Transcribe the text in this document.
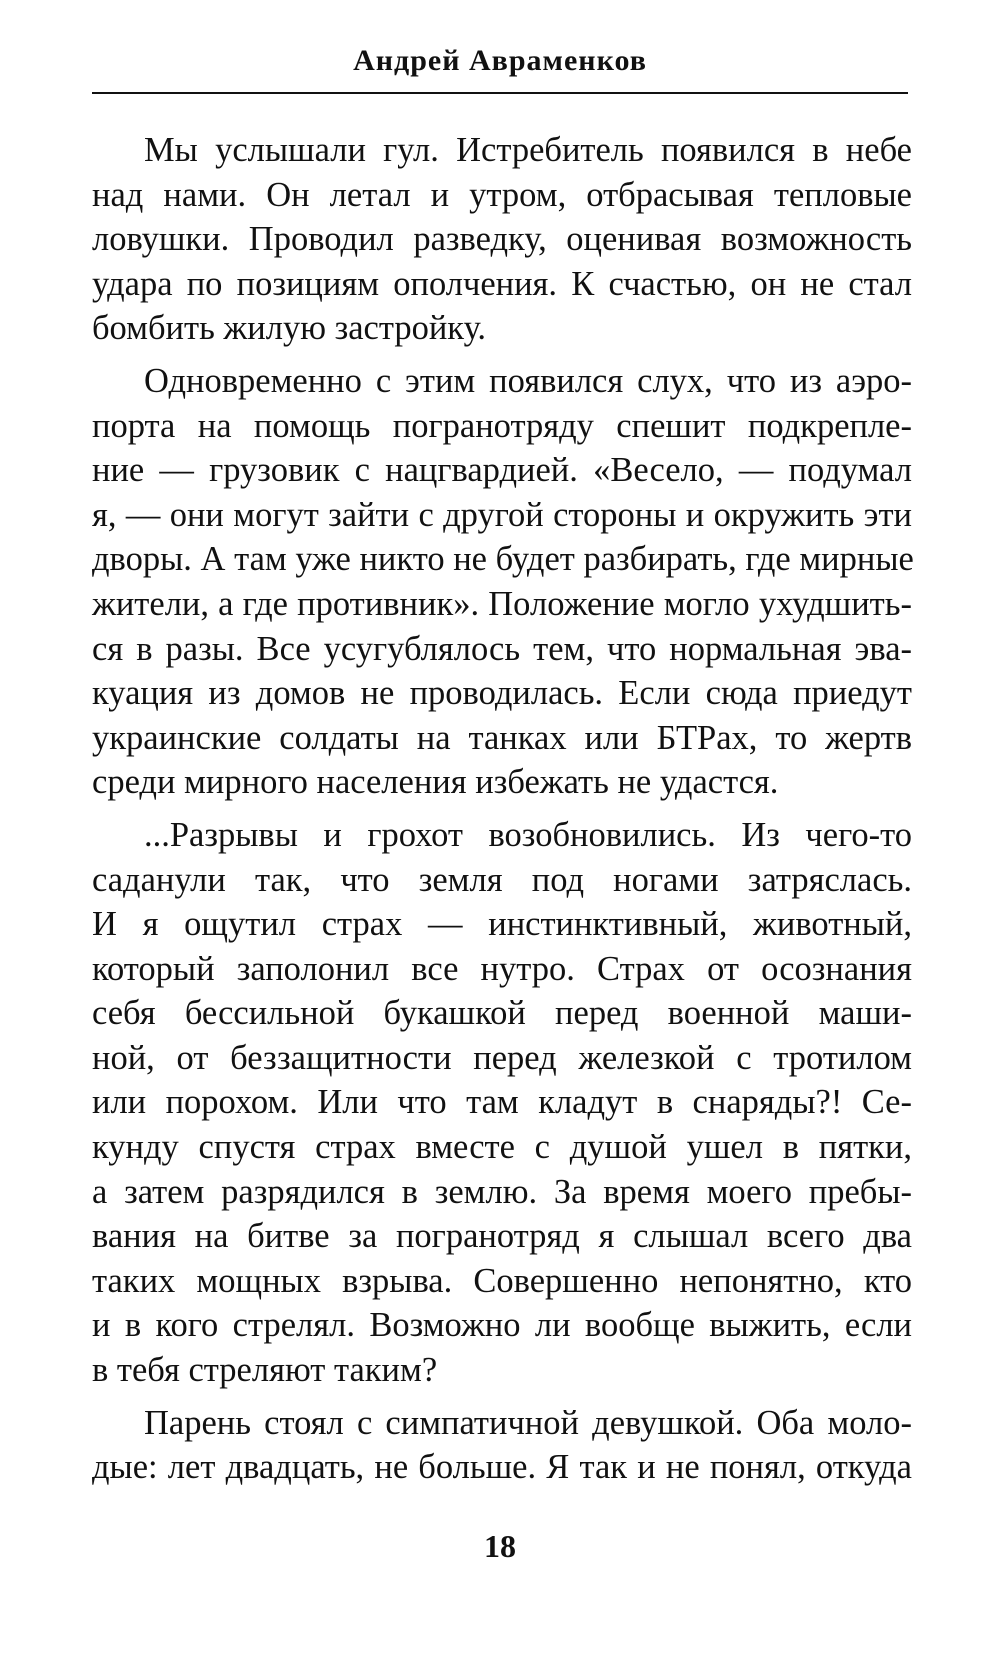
Андрей Авраменков

Мы услышали гул. Истребитель появился в небе
над нами. Он летал и утром, отбрасывая тепловые
ловушки. Проводил разведку, оценивая возможность
удара по позициям ополчения. К счастью, он не стал
бомбить жилую застройку.

Одновременно с этим появился слух, что из аэро-
порта на помощь погранотряду спешит подкрепле-
ние — грузовик с нацгвардией. «Весело, — подумал
я, — они могут зайти с другой стороны и окружить эти
дворы. А там уже никто не будет разбирать, где мирные
жители, а где противник». Положение могло ухудшить-
ся в разы. Все усугублялось тем, что нормальная эва-
куация из домов не проводилась. Если сюда приедут
украинские солдаты на танках или БТРах, то жертв
среди мирного населения избежать не удастся.

...Разрывы и грохот возобновились. Из чего-то
саданули так, что земля под ногами затряслась.
И я ощутил страх — инстинктивный, животный,
который заполонил все нутро. Страх от осознания
себя бессильной букашкой перед военной маши-
ной, от беззащитности перед железкой с тротилом
или порохом. Или что там кладут в снаряды?! Се-
кунду спустя страх вместе с душой ушел в пятки,
а затем разрядился в землю. За время моего пребы-
вания на битве за погранотряд я слышал всего два
таких мощных взрыва. Совершенно непонятно, кто
и в кого стрелял. Возможно ли вообще выжить, если
в тебя стреляют таким?

Парень стоял с симпатичной девушкой. Оба моло-
дые: лет двадцать, не больше. Я так и не понял, откуда

18
